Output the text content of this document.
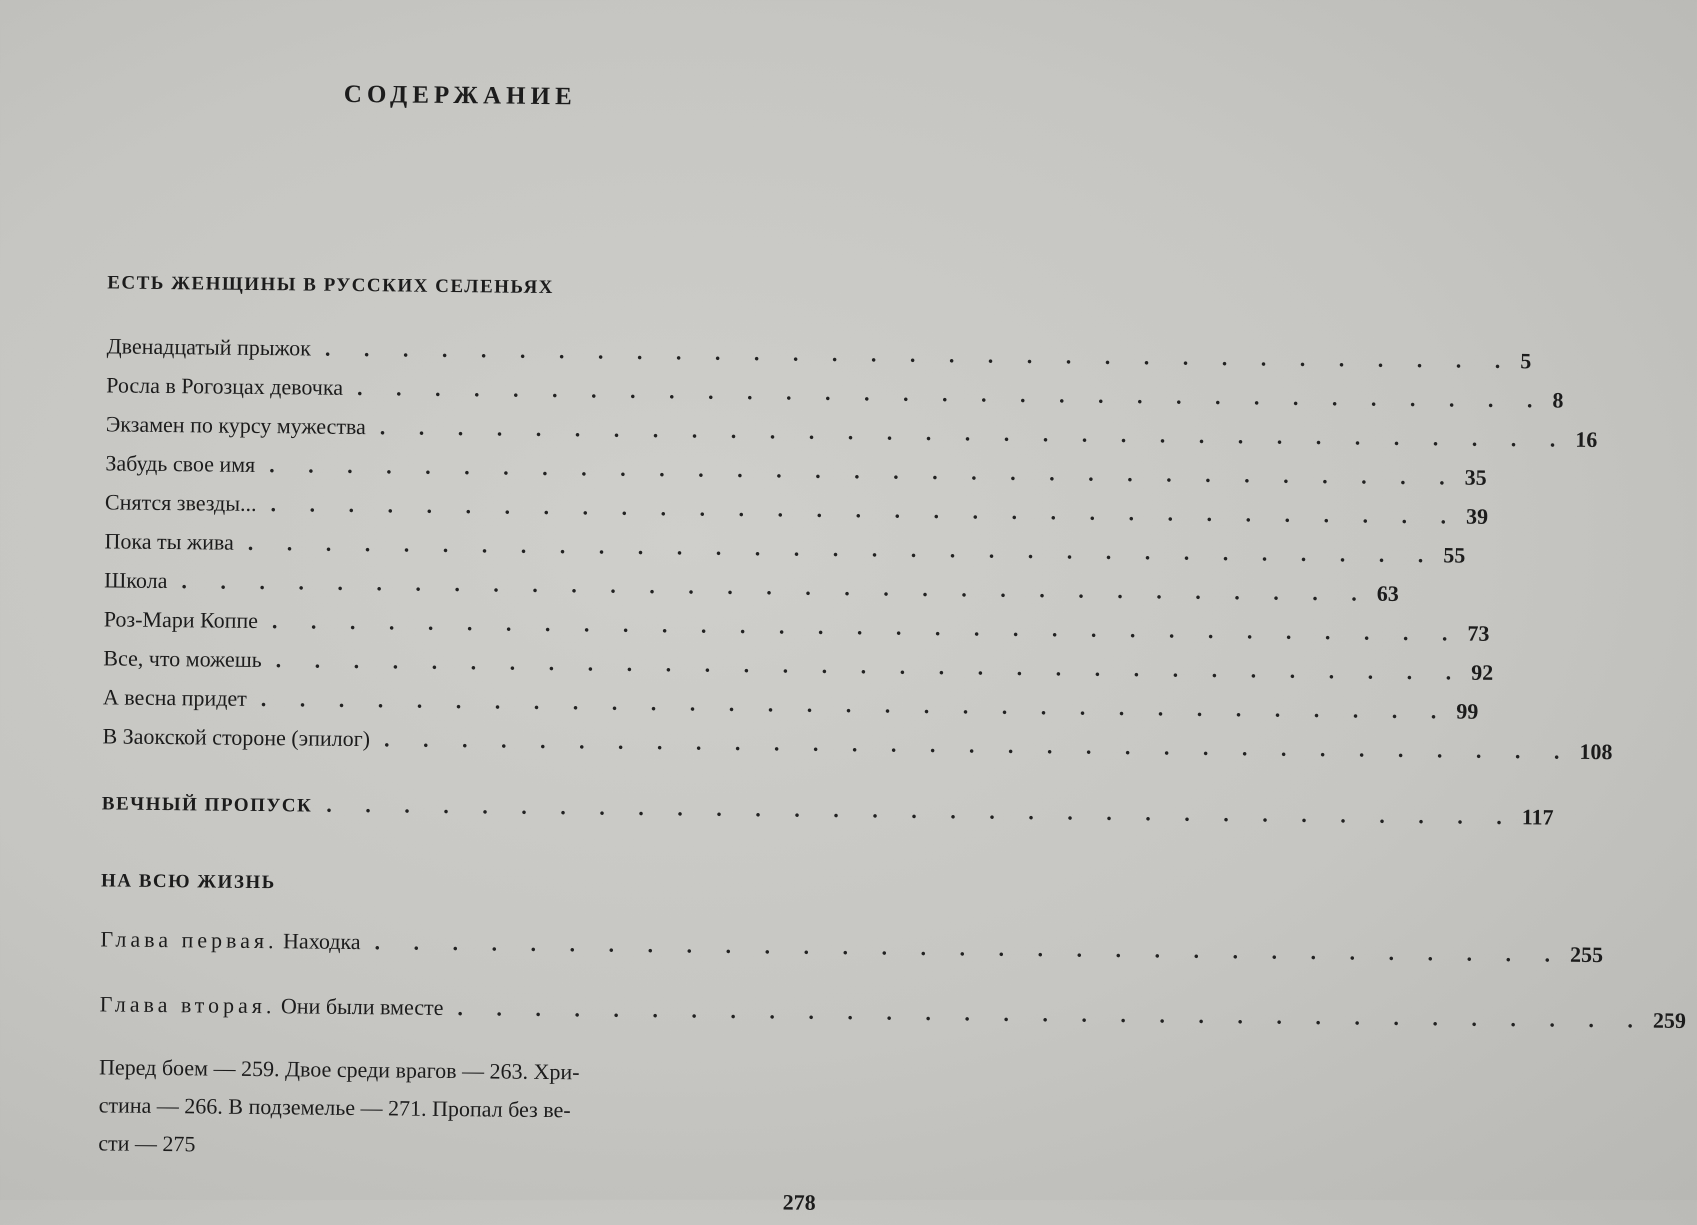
СОДЕРЖАНИЕ
ЕСТЬ ЖЕНЩИНЫ В РУССКИХ СЕЛЕНЬЯХ
Двенадцатый прыжок . . . . . . . . . . . . . . . . . . . . . . . . . . . . . . . 5
Росла в Рогозцах девочка . . . . . . . . . . . . . . . . . . . . . . . . . . . . . . . 8
Экзамен по курсу мужества . . . . . . . . . . . . . . . . . . . . . . . . . . . . . . . 16
Забудь свое имя . . . . . . . . . . . . . . . . . . . . . . . . . . . . . . . 35
Снятся звезды... . . . . . . . . . . . . . . . . . . . . . . . . . . . . . . . 39
Пока ты жива . . . . . . . . . . . . . . . . . . . . . . . . . . . . . . . 55
Школа . . . . . . . . . . . . . . . . . . . . . . . . . . . . . . . 63
Роз-Мари Коппе . . . . . . . . . . . . . . . . . . . . . . . . . . . . . . . 73
Все, что можешь . . . . . . . . . . . . . . . . . . . . . . . . . . . . . . . 92
А весна придет . . . . . . . . . . . . . . . . . . . . . . . . . . . . . . . 99
В Заокской стороне (эпилог) . . . . . . . . . . . . . . . . . . . . . . . . . . . . . . . 108
ВЕЧНЫЙ ПРОПУСК . . . . . . . . . . . . . . . . . . . . . . . . . . . . . . . 117
НА ВСЮ ЖИЗНЬ
Глава первая. Находка . . . . . . . . . . . . . . . . . . . . . . . . . . . . . . . 255
Глава вторая. Они были вместе . . . . . . . . . . . . . . . . . . . . . . . . . . . . . . . 259
Перед боем — 259. Двое среди врагов — 263. Хри-
стина — 266. В подземелье — 271. Пропал без ве-
сти — 275
278
